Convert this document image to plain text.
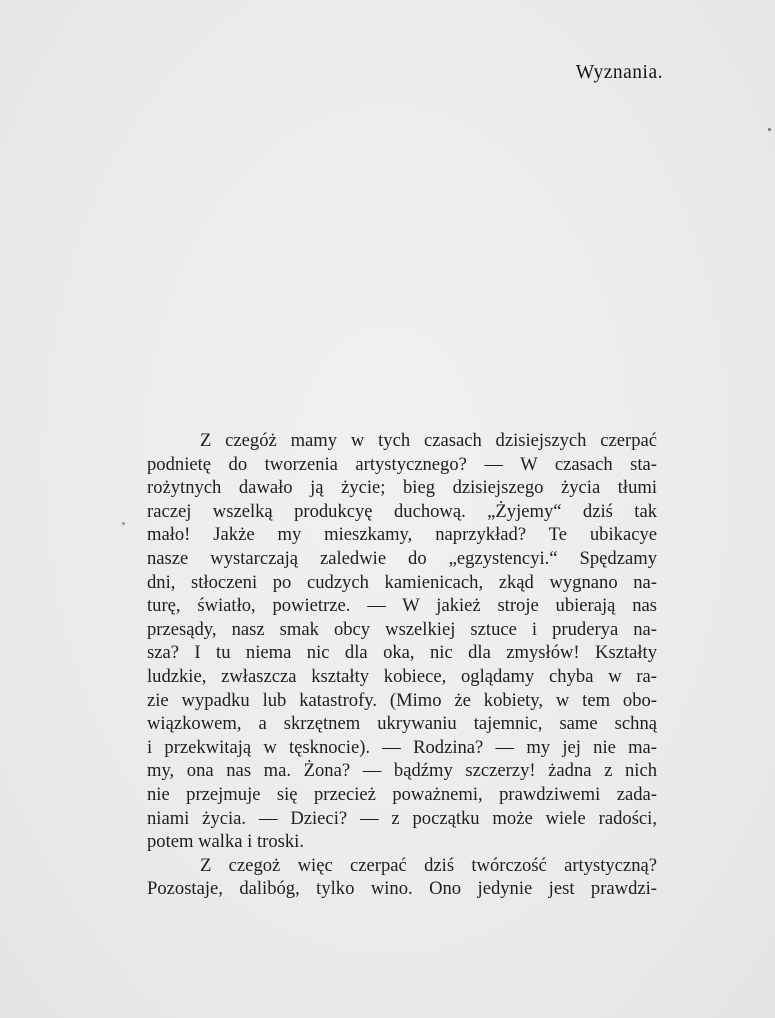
Wyznania.
Z czegóż mamy w tych czasach dzisiejszych czerpać
podnietę do tworzenia artystycznego? — W czasach sta-
rożytnych dawało ją życie; bieg dzisiejszego życia tłumi
raczej wszelką produkcyę duchową. „Żyjemy“ dziś tak
mało! Jakże my mieszkamy, naprzykład? Te ubikacye
nasze wystarczają zaledwie do „egzystencyi.“ Spędzamy
dni, stłoczeni po cudzych kamienicach, zkąd wygnano na-
turę, światło, powietrze. — W jakież stroje ubierają nas
przesądy, nasz smak obcy wszelkiej sztuce i pruderya na-
sza? I tu niema nic dla oka, nic dla zmysłów! Kształty
ludzkie, zwłaszcza kształty kobiece, oglądamy chyba w ra-
zie wypadku lub katastrofy. (Mimo że kobiety, w tem obo-
wiązkowem, a skrzętnem ukrywaniu tajemnic, same schną
i przekwitają w tęsknocie). — Rodzina? — my jej nie ma-
my, ona nas ma. Żona? — bądźmy szczerzy! żadna z nich
nie przejmuje się przecież poważnemi, prawdziwemi zada-
niami życia. — Dzieci? — z początku może wiele radości,
potem walka i troski.
Z czegoż więc czerpać dziś twórczość artystyczną?
Pozostaje, dalibóg, tylko wino. Ono jedynie jest prawdzi-
